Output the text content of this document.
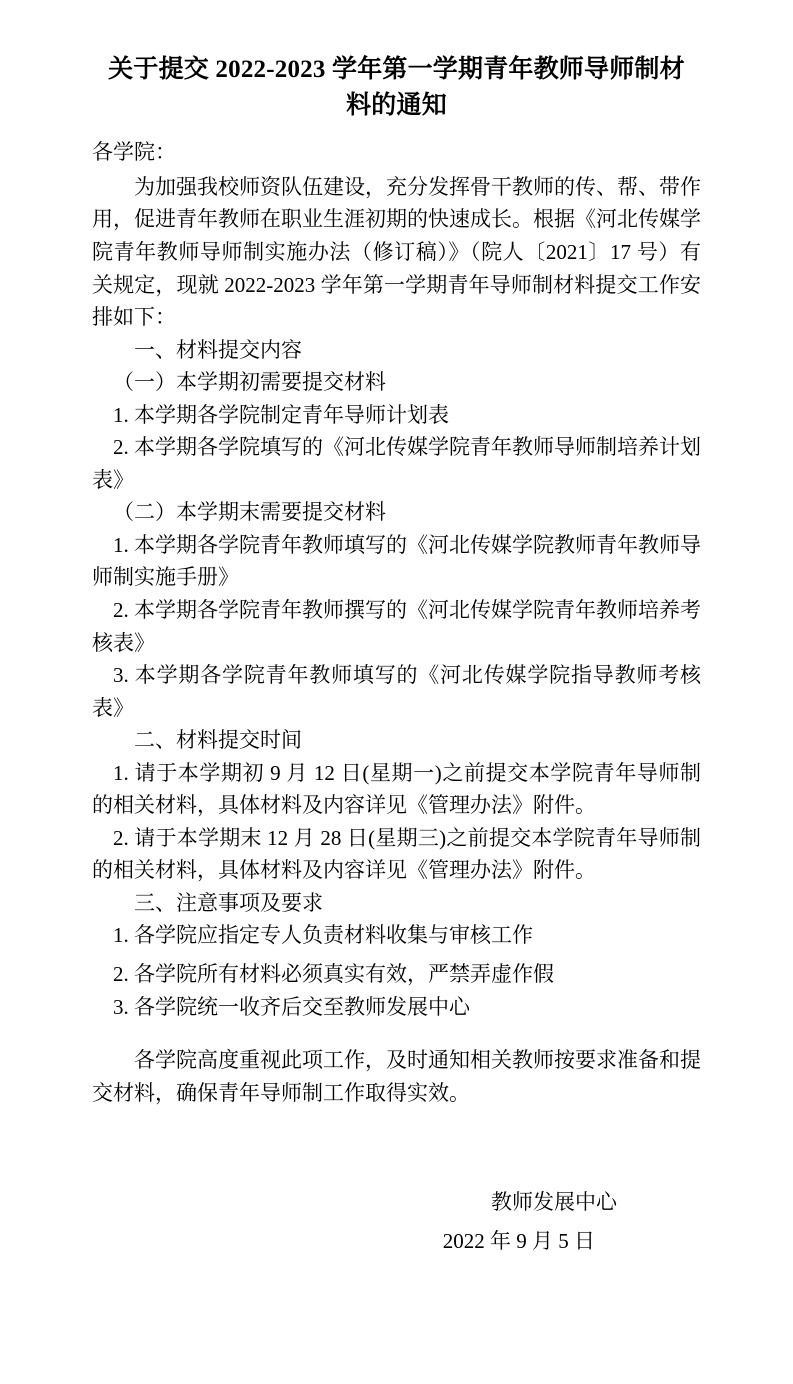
关于提交 2022-2023 学年第一学期青年教师导师制材料的通知

各学院：

为加强我校师资队伍建设，充分发挥骨干教师的传、帮、带作用，促进青年教师在职业生涯初期的快速成长。根据《河北传媒学院青年教师导师制实施办法（修订稿）》（院人〔2021〕17 号）有关规定，现就 2022-2023 学年第一学期青年导师制材料提交工作安排如下：

一、材料提交内容

（一）本学期初需要提交材料

1. 本学期各学院制定青年导师计划表

2. 本学期各学院填写的《河北传媒学院青年教师导师制培养计划表》

（二）本学期末需要提交材料

1. 本学期各学院青年教师填写的《河北传媒学院教师青年教师导师制实施手册》

2. 本学期各学院青年教师撰写的《河北传媒学院青年教师培养考核表》

3. 本学期各学院青年教师填写的《河北传媒学院指导教师考核表》

二、材料提交时间

1. 请于本学期初 9 月 12 日(星期一)之前提交本学院青年导师制的相关材料，具体材料及内容详见《管理办法》附件。

2. 请于本学期末 12 月 28 日(星期三)之前提交本学院青年导师制的相关材料，具体材料及内容详见《管理办法》附件。

三、注意事项及要求

1. 各学院应指定专人负责材料收集与审核工作

2. 各学院所有材料必须真实有效，严禁弄虚作假

3. 各学院统一收齐后交至教师发展中心

各学院高度重视此项工作，及时通知相关教师按要求准备和提交材料，确保青年导师制工作取得实效。

教师发展中心
2022 年 9 月 5 日
